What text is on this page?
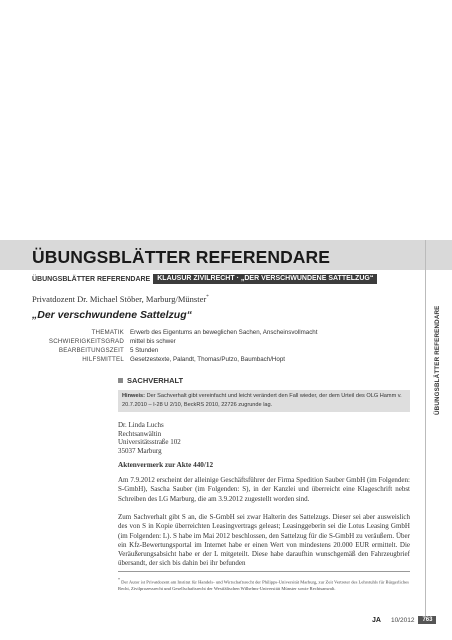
ÜBUNGSBLÄTTER REFERENDARE
ÜBUNGSBLÄTTER REFERENDARE	KLAUSUR ZIVILRECHT · „DER VERSCHWUNDENE SATTELZUG“
Privatdozent Dr. Michael Stöber, Marburg/Münster*
„Der verschwundene Sattelzug“
THEMATIK Erwerb des Eigentums an beweglichen Sachen, Anscheinsvollmacht
SCHWIERIGKEITSGRAD mittel bis schwer
BEARBEITUNGSZEIT 5 Stunden
HILFSMITTEL Gesetzestexte, Palandt, Thomas/Putzo, Baumbach/Hopt
SACHVERHALT
Hinweis: Der Sachverhalt gibt vereinfacht und leicht verändert den Fall wieder, der dem Urteil des OLG Hamm v. 20.7.2010 – I-28 U 2/10, BeckRS 2010, 22726 zugrunde lag.
Dr. Linda Luchs
Rechtsanwältin
Universitätsstraße 102
35037 Marburg
Aktenvermerk zur Akte 440/12
Am 7.9.2012 erscheint der alleinige Geschäftsführer der Firma Spedition Sauber GmbH (im Folgenden: S-GmbH), Sascha Sauber (im Folgenden: S), in der Kanzlei und überreicht eine Klageschrift nebst Schreiben des LG Marburg, die am 3.9.2012 zugestellt worden sind.
Zum Sachverhalt gibt S an, die S-GmbH sei zwar Halterin des Sattelzugs. Dieser sei aber ausweislich des von S in Kopie überreichten Leasingvertrags geleast; Leasinggeberin sei die Lotus Leasing GmbH (im Folgenden: L). S habe im Mai 2012 beschlossen, den Sattelzug für die S-GmbH zu veräußern. Über ein Kfz-Bewertungsportal im Internet habe er einen Wert von mindestens 20.000 EUR ermittelt. Die Veräußerungsabsicht habe er der L mitgeteilt. Diese habe daraufhin wunschgemäß den Fahrzeugbrief übersandt, der sich bis dahin bei ihr befunden
* Der Autor ist Privatdozent am Institut für Handels- und Wirtschaftsrecht der Philipps-Universität Marburg, zur Zeit Vertreter des Lehrstuhls für Bürgerliches Recht, Zivilprozessrecht und Gesellschaftsrecht der Westfälischen Wilhelms-Universität Münster sowie Rechtsanwalt.
ÜBUNGSBLÄTTER REFERENDARE
JA 10/2012	763
